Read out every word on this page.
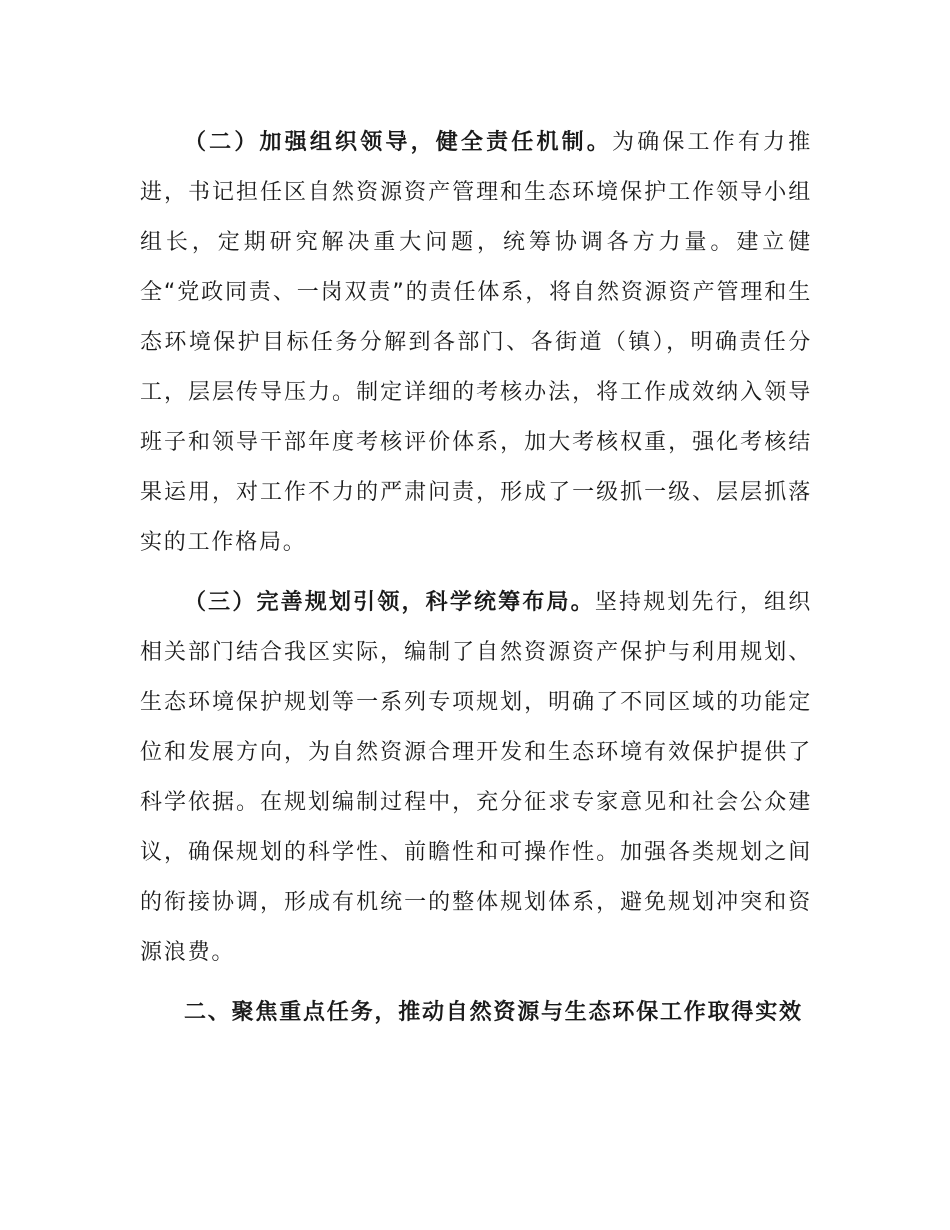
（二）加强组织领导，健全责任机制。为确保工作有力推进，书记担任区自然资源资产管理和生态环境保护工作领导小组组长，定期研究解决重大问题，统筹协调各方力量。建立健全“党政同责、一岗双责”的责任体系，将自然资源资产管理和生态环境保护目标任务分解到各部门、各街道（镇），明确责任分工，层层传导压力。制定详细的考核办法，将工作成效纳入领导班子和领导干部年度考核评价体系，加大考核权重，强化考核结果运用，对工作不力的严肃问责，形成了一级抓一级、层层抓落实的工作格局。

（三）完善规划引领，科学统筹布局。坚持规划先行，组织相关部门结合我区实际，编制了自然资源资产保护与利用规划、生态环境保护规划等一系列专项规划，明确了不同区域的功能定位和发展方向，为自然资源合理开发和生态环境有效保护提供了科学依据。在规划编制过程中，充分征求专家意见和社会公众建议，确保规划的科学性、前瞻性和可操作性。加强各类规划之间的衔接协调，形成有机统一的整体规划体系，避免规划冲突和资源浪费。

二、聚焦重点任务，推动自然资源与生态环保工作取得实效
